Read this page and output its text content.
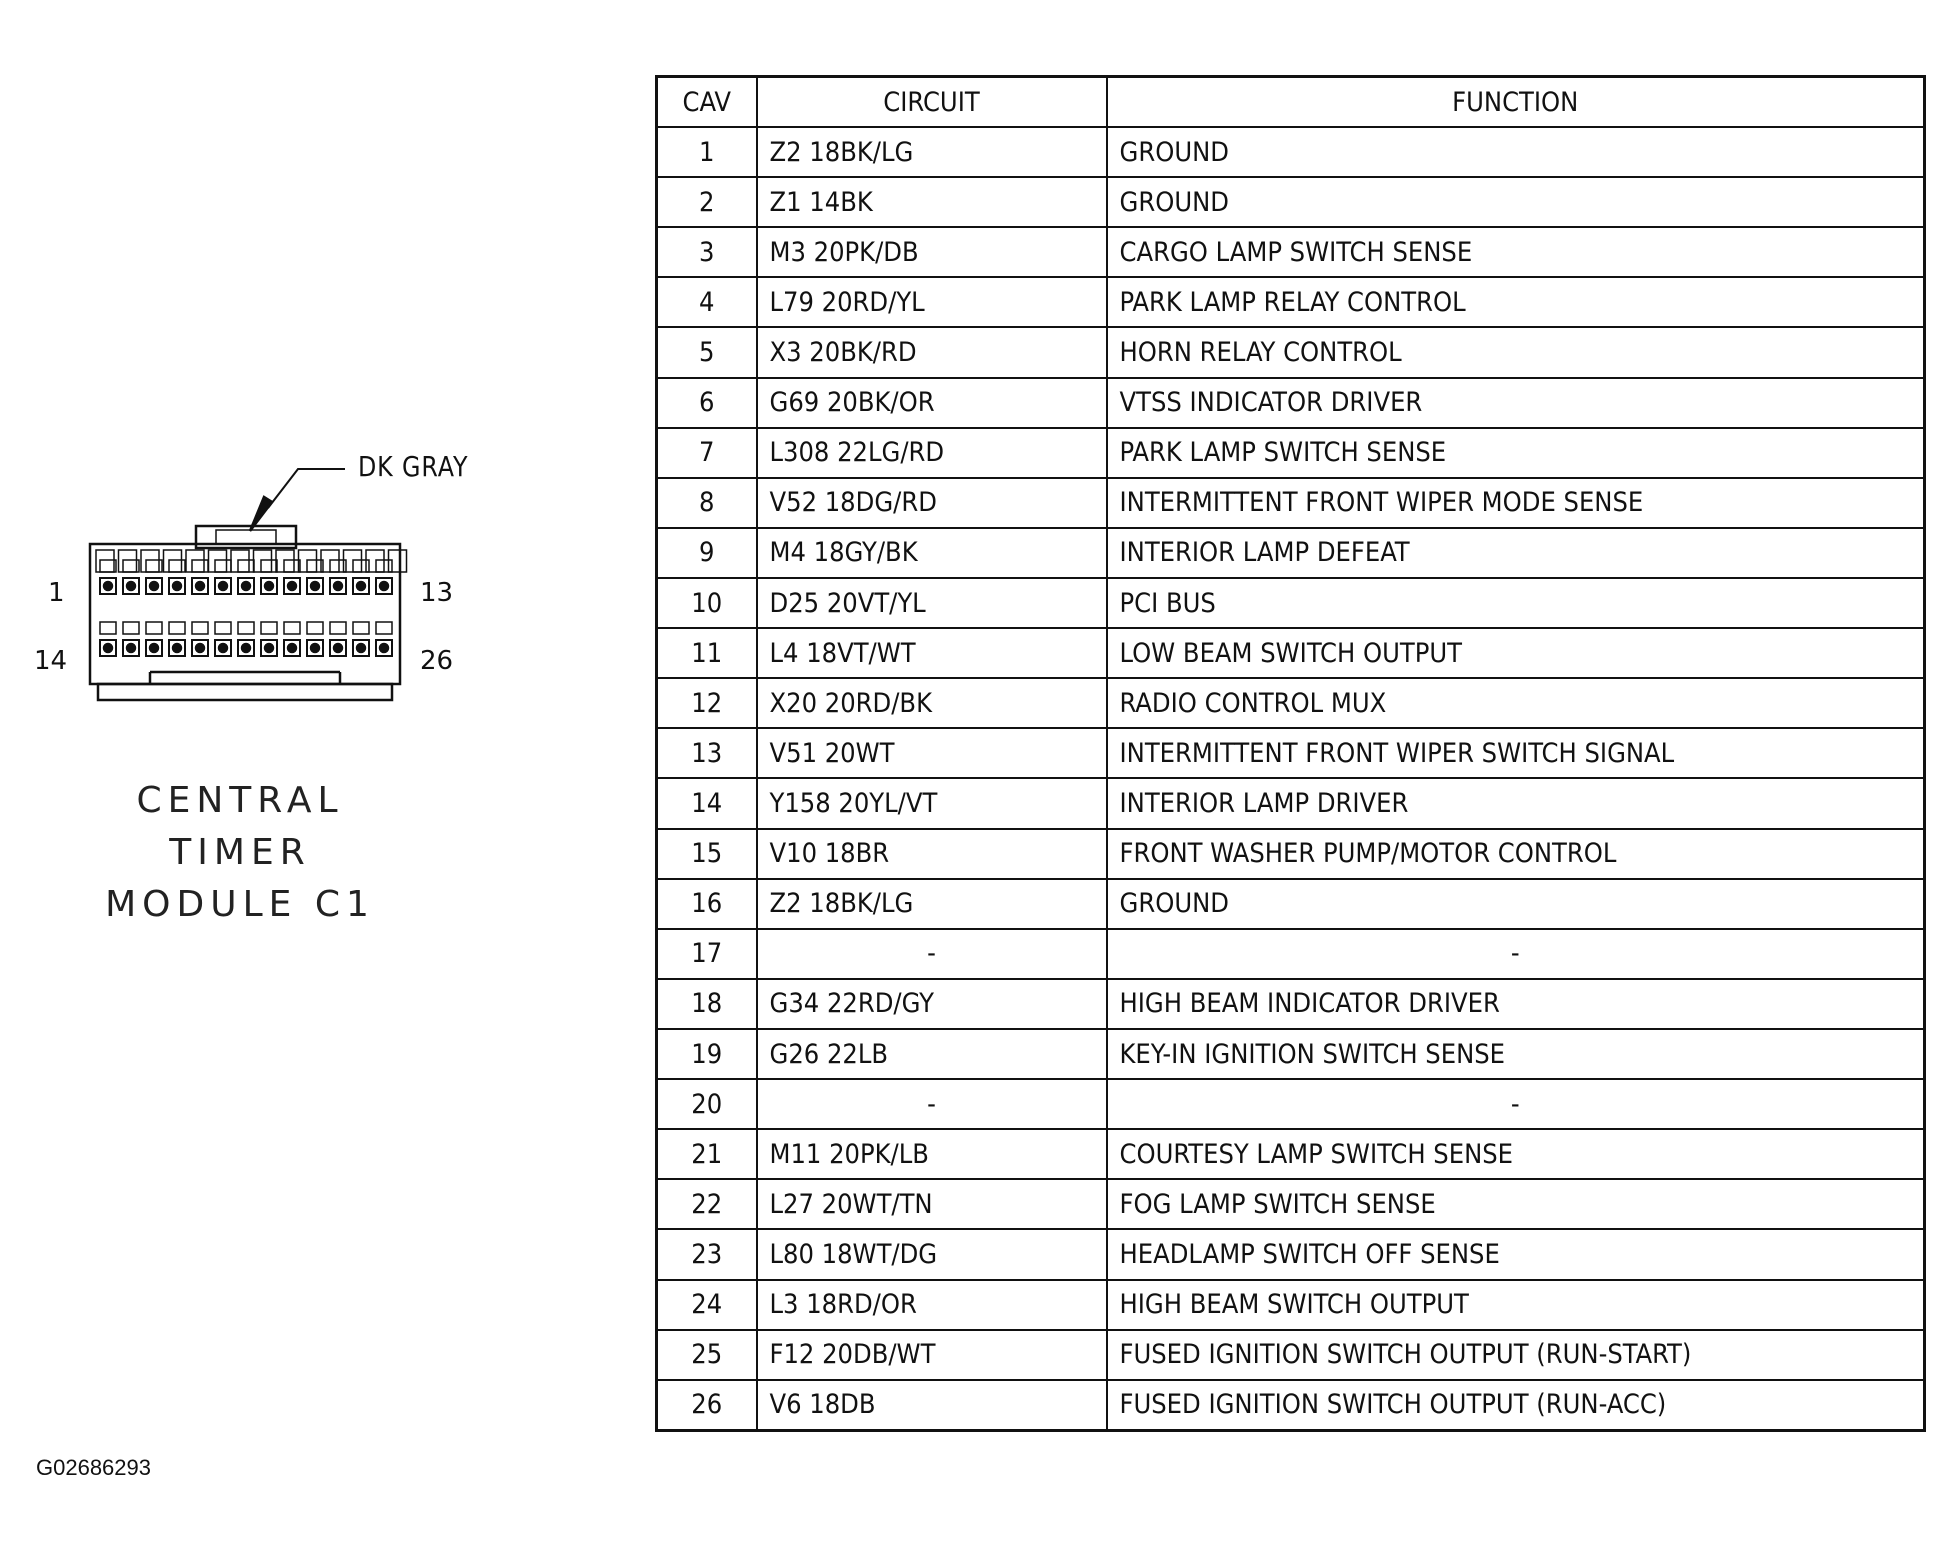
DK GRAY
1	13
14	26
CENTRAL TIMER
MODULE C1
G02686293
CAV	CIRCUIT	FUNCTION
1	Z2 18BK/LG	GROUND
2	Z1 14BK	GROUND
3	M3 20PK/DB	CARGO LAMP SWITCH SENSE
4	L79 20RD/YL	PARK LAMP RELAY CONTROL
5	X3 20BK/RD	HORN RELAY CONTROL
6	G69 20BK/OR	VTSS INDICATOR DRIVER
7	L308 22LG/RD	PARK LAMP SWITCH SENSE
8	V52 18DG/RD	INTERMITTENT FRONT WIPER MODE SENSE
9	M4 18GY/BK	INTERIOR LAMP DEFEAT
10	D25 20VT/YL	PCI BUS
11	L4 18VT/WT	LOW BEAM SWITCH OUTPUT
12	X20 20RD/BK	RADIO CONTROL MUX
13	V51 20WT	INTERMITTENT FRONT WIPER SWITCH SIGNAL
14	Y158 20YL/VT	INTERIOR LAMP DRIVER
15	V10 18BR	FRONT WASHER PUMP/MOTOR CONTROL
16	Z2 18BK/LG	GROUND
17	-	-
18	G34 22RD/GY	HIGH BEAM INDICATOR DRIVER
19	G26 22LB	KEY-IN IGNITION SWITCH SENSE
20	-	-
21	M11 20PK/LB	COURTESY LAMP SWITCH SENSE
22	L27 20WT/TN	FOG LAMP SWITCH SENSE
23	L80 18WT/DG	HEADLAMP SWITCH OFF SENSE
24	L3 18RD/OR	HIGH BEAM SWITCH OUTPUT
25	F12 20DB/WT	FUSED IGNITION SWITCH OUTPUT (RUN-START)
26	V6 18DB	FUSED IGNITION SWITCH OUTPUT (RUN-ACC)
